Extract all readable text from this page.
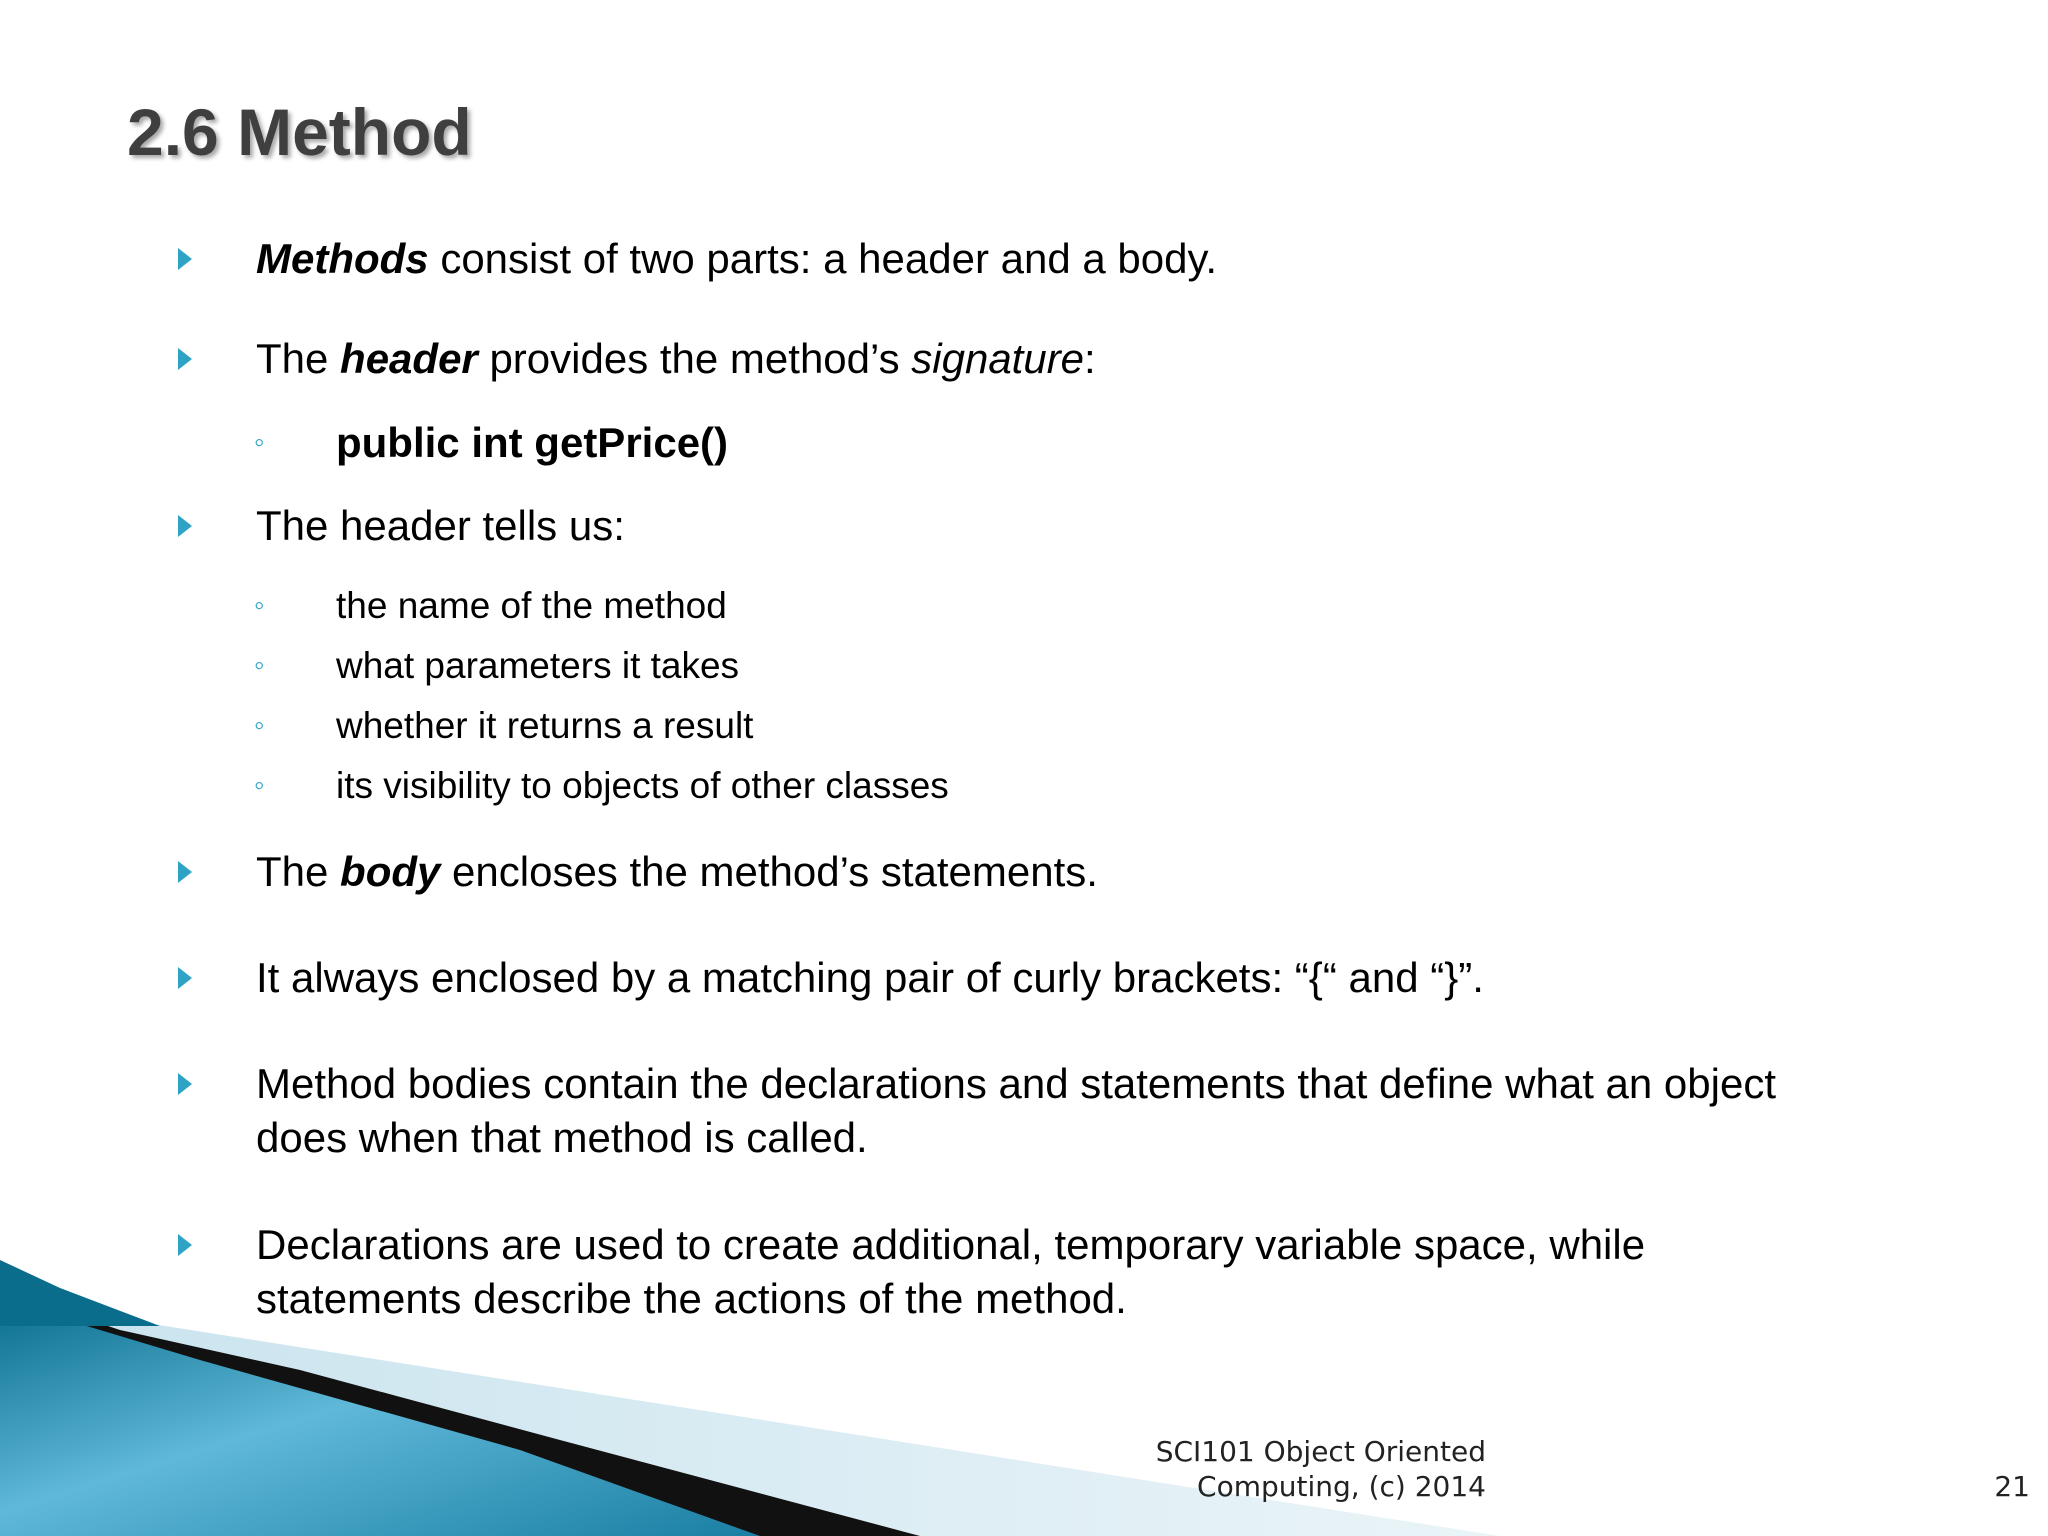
2.6 Method
Methods consist of two parts: a header and a body.
The header provides the method’s signature:
◦ public int getPrice()
The header tells us:
◦ the name of the method
◦ what parameters it takes
◦ whether it returns a result
◦ its visibility to objects of other classes
The body encloses the method’s statements.
It always enclosed by a matching pair of curly brackets: “{“ and “}”.
Method bodies contain the declarations and statements that define what an object
does when that method is called.
Declarations are used to create additional, temporary variable space, while
statements describe the actions of the method.
SCI101 Object Oriented
Computing, (c) 2014	21
